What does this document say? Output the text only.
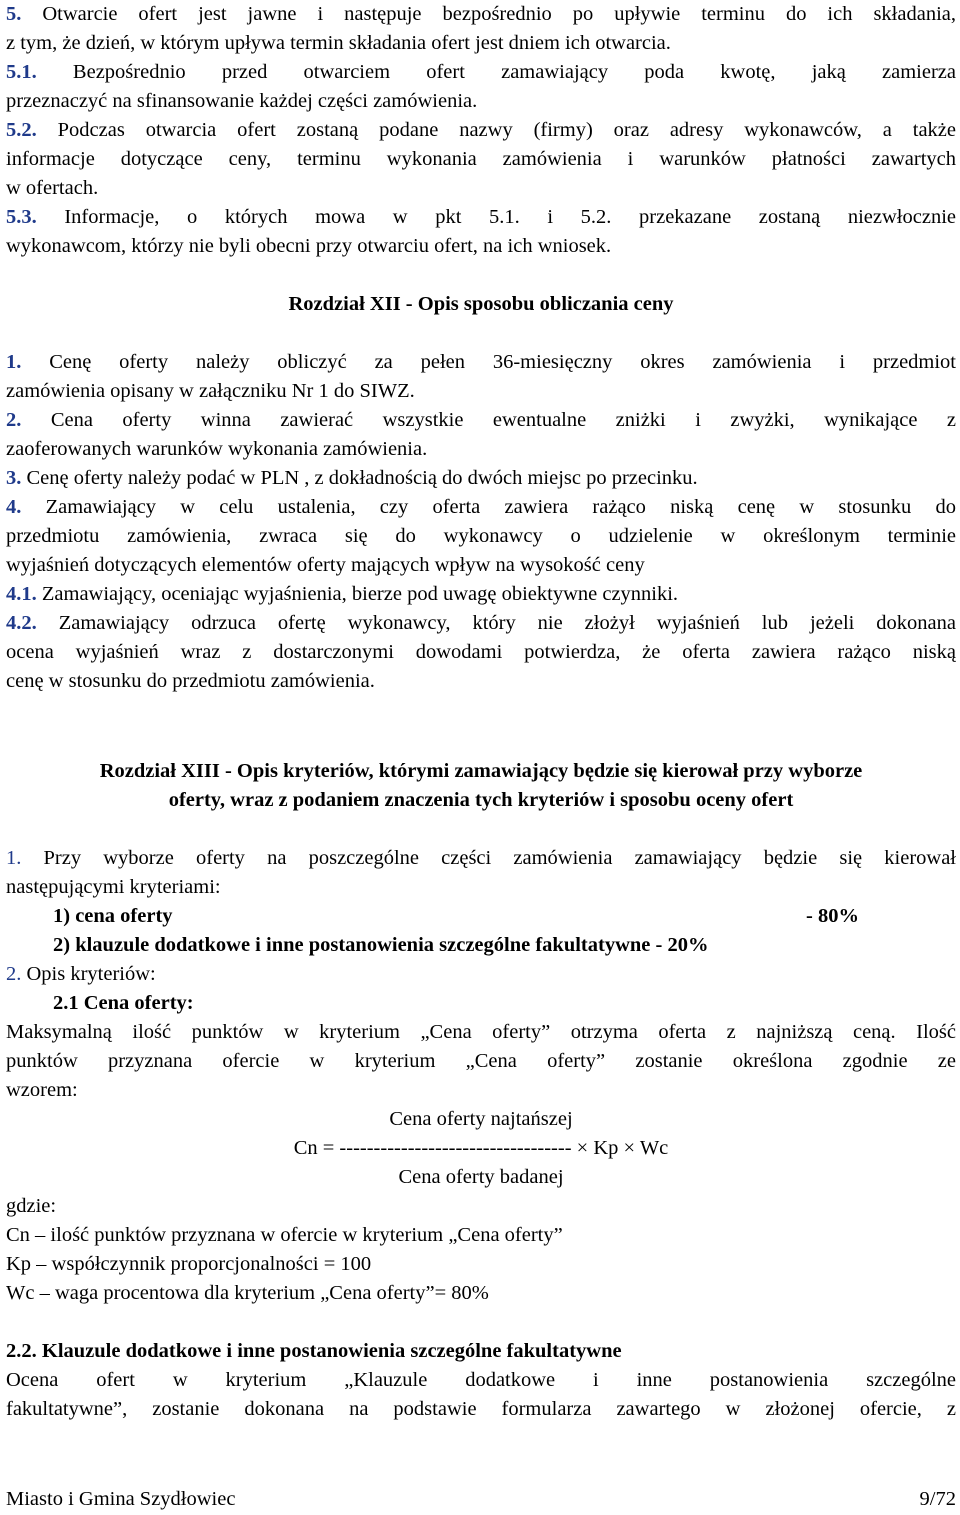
5. Otwarcie ofert jest jawne i następuje bezpośrednio po upływie terminu do ich składania,
z tym, że dzień, w którym upływa termin składania ofert jest dniem ich otwarcia.
5.1. Bezpośrednio przed otwarciem ofert zamawiający poda kwotę, jaką zamierza
przeznaczyć na sfinansowanie każdej części zamówienia.
5.2. Podczas otwarcia ofert zostaną podane nazwy (firmy) oraz adresy wykonawców, a także
informacje dotyczące ceny, terminu wykonania zamówienia i warunków płatności zawartych
w ofertach.
5.3. Informacje, o których mowa w pkt 5.1. i 5.2. przekazane zostaną niezwłocznie
wykonawcom, którzy nie byli obecni przy otwarciu ofert, na ich wniosek.
Rozdział XII - Opis sposobu obliczania ceny
1. Cenę oferty należy obliczyć za pełen 36-miesięczny okres zamówienia i przedmiot
zamówienia opisany w załączniku Nr 1 do SIWZ.
2. Cena oferty winna zawierać wszystkie ewentualne zniżki i zwyżki, wynikające z
zaoferowanych warunków wykonania zamówienia.
3. Cenę oferty należy podać w PLN , z dokładnością do dwóch miejsc po przecinku.
4. Zamawiający w celu ustalenia, czy oferta zawiera rażąco niską cenę w stosunku do
przedmiotu zamówienia, zwraca się do wykonawcy o udzielenie w określonym terminie
wyjaśnień dotyczących elementów oferty mających wpływ na wysokość ceny
4.1. Zamawiający, oceniając wyjaśnienia, bierze pod uwagę obiektywne czynniki.
4.2. Zamawiający odrzuca ofertę wykonawcy, który nie złożył wyjaśnień lub jeżeli dokonana
ocena wyjaśnień wraz z dostarczonymi dowodami potwierdza, że oferta zawiera rażąco niską
cenę w stosunku do przedmiotu zamówienia.
Rozdział XIII - Opis kryteriów, którymi zamawiający będzie się kierował przy wyborze
oferty, wraz z podaniem znaczenia tych kryteriów i sposobu oceny ofert
1. Przy wyborze oferty na poszczególne części zamówienia zamawiający będzie się kierował
następującymi kryteriami:
1) cena oferty	- 80%
2) klauzule dodatkowe i inne postanowienia szczególne fakultatywne - 20%
2. Opis kryteriów:
2.1 Cena oferty:
Maksymalną ilość punktów w kryterium „Cena oferty” otrzyma oferta z najniższą ceną. Ilość
punktów przyznana ofercie w kryterium „Cena oferty” zostanie określona zgodnie ze
wzorem:
Cena oferty najtańszej
Cn = ---------------------------------- × Kp × Wc
Cena oferty badanej
gdzie:
Cn – ilość punktów przyznana w ofercie w kryterium „Cena oferty”
Kp – współczynnik proporcjonalności = 100
Wc – waga procentowa dla kryterium „Cena oferty”= 80%
2.2. Klauzule dodatkowe i inne postanowienia szczególne fakultatywne
Ocena ofert w kryterium „Klauzule dodatkowe i inne postanowienia szczególne
fakultatywne”, zostanie dokonana na podstawie formularza zawartego w złożonej ofercie, z
Miasto i Gmina Szydłowiec	9/72
